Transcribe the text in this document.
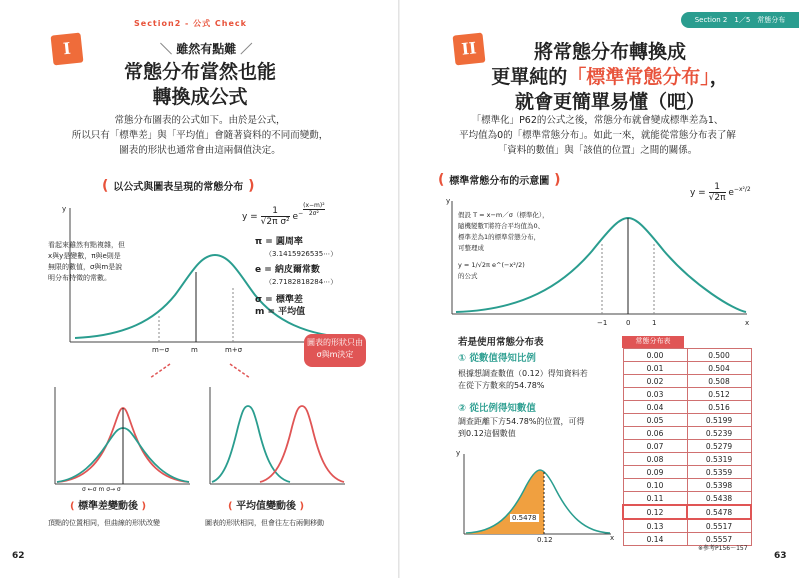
Section2 - 公式 Check
I	＼ 雖然有點難 ／
常態分布當然也能
轉換成公式
常態分布圖表的公式如下。由於是公式，
所以只有「標準差」與「平均值」會隨著資料的不同而變動，
圖表的形狀也通常會由這兩個值決定。
( 以公式與圖表呈現的常態分布 )
y
m−σ	m	m+σ
$y = \frac{1}{\text{√2π σ²}} e^{- \frac{\text{(x−m)²}}{\text{2σ²}}}$
看起來雖然有點複雜，但
x與y是變數，π與e則是
無限的數值，σ與m是說
明分布特徵的常數。
π = 圓周率
（3.1415926535⋯）
e = 納皮爾常數
（2.7182818284⋯）
σ = 標準差
m = 平均值
圖表的形狀只由
σ與m決定
σ ←σ m σ→ σ
( 標準差變動後 )
頂點的位置相同，但曲線的形狀改變
( 平均值變動後 )
圖表的形狀相同，但會往左右兩側移動
62
Section 2　1／5　常態分布
II	將常態分布轉換成
更單純的「標準常態分布」，
就會更簡單易懂（吧）
「標準化」P62的公式之後，常態分布就會變成標準差為1、
平均值為0的「標準常態分布」。如此一來，就能從常態分布表了解
「資料的數值」與「該值的位置」之間的關係。
( 標準常態分布的示意圖 )
$y = \frac{1}{√2\pi} e^{-x^2/2}$
y
x
−1	0	1
假設 T = x−m／σ（標準化），
隨機變數T將符合平均值為0、
標準差為1的標準常態分布，
可整理成
y = 1/√2π e^(−x²/2)
的公式
若是使用常態分布表
① 從數值得知比例
根據想調查數值（0.12）得知資料若
在從下方數來的54.78%
② 從比例得知數值
調查距離下方54.78%的位置，可得
到0.12這個數值
0.5478
0.12
y
x
常態分布表
0.00	0.500
0.01	0.504
0.02	0.508
0.03	0.512
0.04	0.516
0.05	0.5199
0.06	0.5239
0.07	0.5279
0.08	0.5319
0.09	0.5359
0.10	0.5398
0.11	0.5438
0.12	0.5478
0.13	0.5517
0.14	0.5557
※參考P156〜157
63
